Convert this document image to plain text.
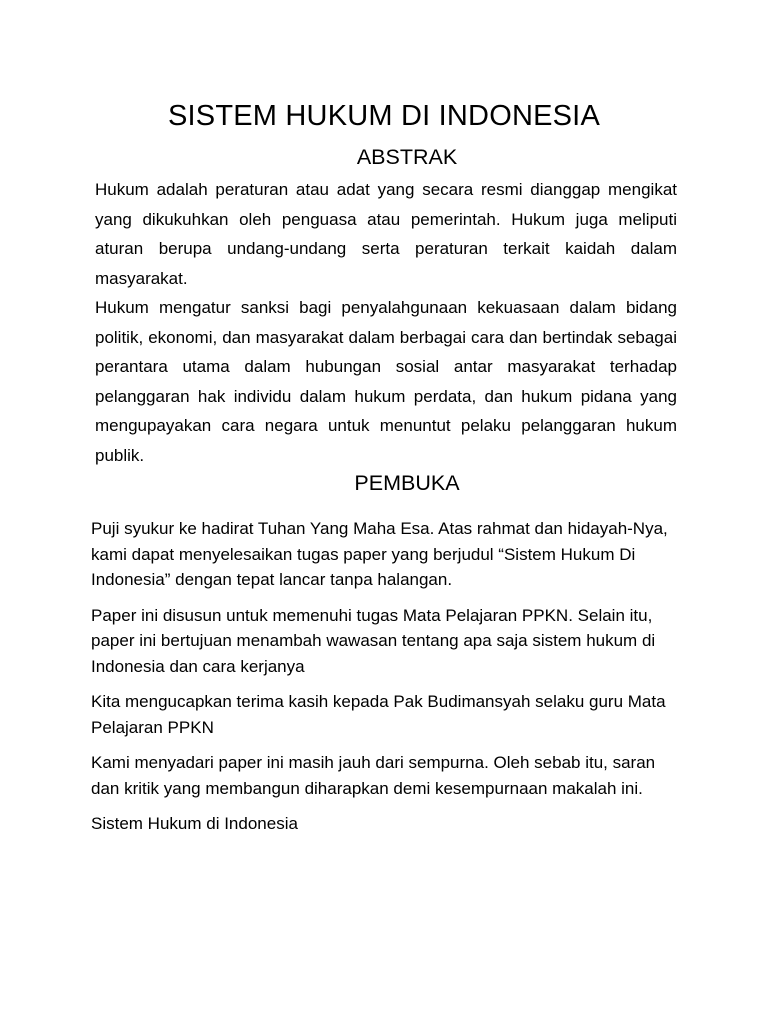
SISTEM HUKUM DI INDONESIA
ABSTRAK

Hukum adalah peraturan atau adat yang secara resmi dianggap mengikat yang dikukuhkan oleh penguasa atau pemerintah. Hukum juga meliputi aturan berupa undang-undang serta peraturan terkait kaidah dalam masyarakat.

Hukum mengatur sanksi bagi penyalahgunaan kekuasaan dalam bidang politik, ekonomi, dan masyarakat dalam berbagai cara dan bertindak sebagai perantara utama dalam hubungan sosial antar masyarakat terhadap pelanggaran hak individu dalam hukum perdata, dan hukum pidana yang mengupayakan cara negara untuk menuntut pelaku pelanggaran hukum publik.

PEMBUKA

Puji syukur ke hadirat Tuhan Yang Maha Esa. Atas rahmat dan hidayah-Nya, kami dapat menyelesaikan tugas paper yang berjudul “Sistem Hukum Di Indonesia” dengan tepat lancar tanpa halangan.

Paper ini disusun untuk memenuhi tugas Mata Pelajaran PPKN. Selain itu, paper ini bertujuan menambah wawasan tentang apa saja sistem hukum di Indonesia dan cara kerjanya

Kita mengucapkan terima kasih kepada Pak Budimansyah selaku guru Mata Pelajaran PPKN

Kami menyadari paper ini masih jauh dari sempurna. Oleh sebab itu, saran dan kritik yang membangun diharapkan demi kesempurnaan makalah ini.

Sistem Hukum di Indonesia
